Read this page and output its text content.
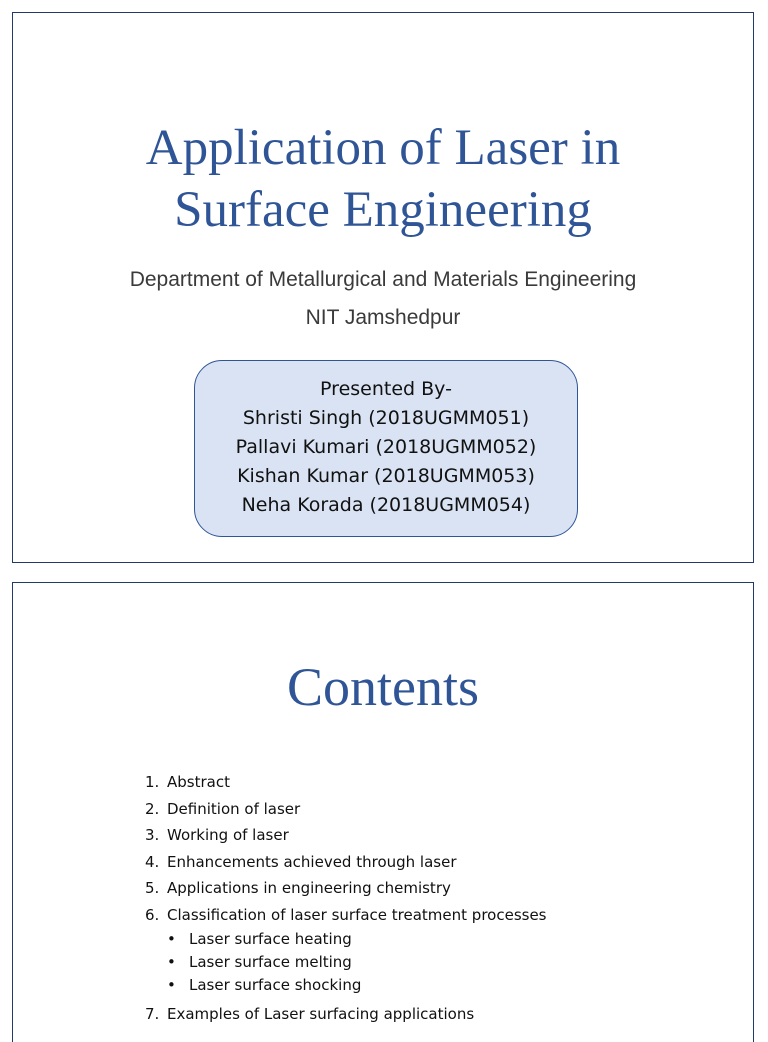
Application of Laser in
Surface Engineering
Department of Metallurgical and Materials Engineering
NIT Jamshedpur
Presented By-
Shristi Singh (2018UGMM051)
Pallavi Kumari (2018UGMM052)
Kishan Kumar (2018UGMM053)
Neha Korada (2018UGMM054)
Contents
1. Abstract
2. Definition of laser
3. Working of laser
4. Enhancements achieved through laser
5. Applications in engineering chemistry
6. Classification of laser surface treatment processes
• Laser surface heating
• Laser surface melting
• Laser surface shocking
7. Examples of Laser surfacing applications
